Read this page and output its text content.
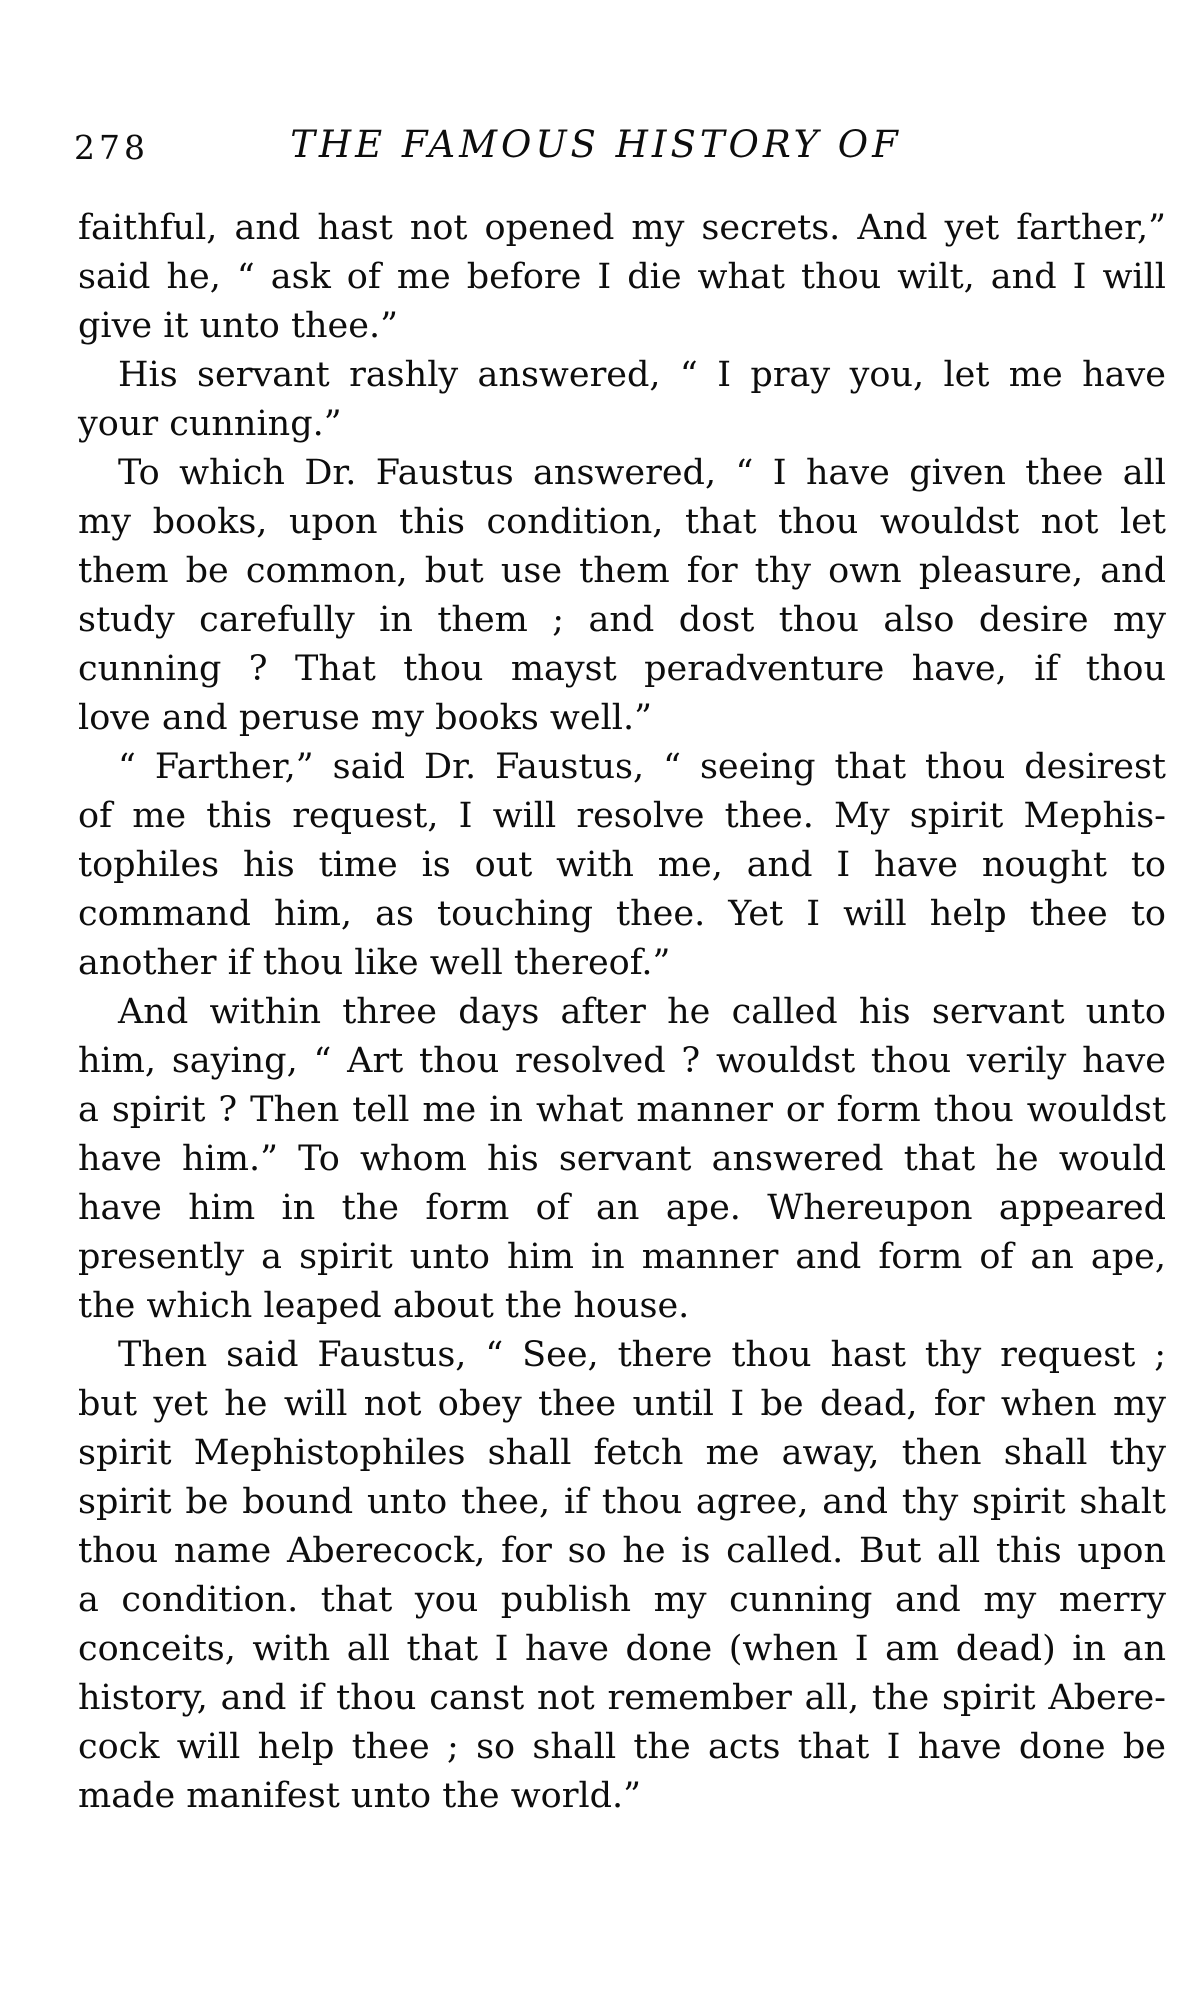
278	THE FAMOUS HISTORY OF
faithful, and hast not opened my secrets. And yet farther,”
said he, “ ask of me before I die what thou wilt, and I will
give it unto thee.”
His servant rashly answered, “ I pray you, let me have
your cunning.”
To which Dr. Faustus answered, “ I have given thee all
my books, upon this condition, that thou wouldst not let
them be common, but use them for thy own pleasure, and
study carefully in them ; and dost thou also desire my
cunning ? That thou mayst peradventure have, if thou
love and peruse my books well.”
“ Farther,” said Dr. Faustus, “ seeing that thou desirest
of me this request, I will resolve thee. My spirit Mephis-
tophiles his time is out with me, and I have nought to
command him, as touching thee. Yet I will help thee to
another if thou like well thereof.”
And within three days after he called his servant unto
him, saying, “ Art thou resolved ? wouldst thou verily have
a spirit ? Then tell me in what manner or form thou wouldst
have him.” To whom his servant answered that he would
have him in the form of an ape. Whereupon appeared
presently a spirit unto him in manner and form of an ape,
the which leaped about the house.
Then said Faustus, “ See, there thou hast thy request ;
but yet he will not obey thee until I be dead, for when my
spirit Mephistophiles shall fetch me away, then shall thy
spirit be bound unto thee, if thou agree, and thy spirit shalt
thou name Aberecock, for so he is called. But all this upon
a condition. that you publish my cunning and my merry
conceits, with all that I have done (when I am dead) in an
history, and if thou canst not remember all, the spirit Abere-
cock will help thee ; so shall the acts that I have done be
made manifest unto the world.”
